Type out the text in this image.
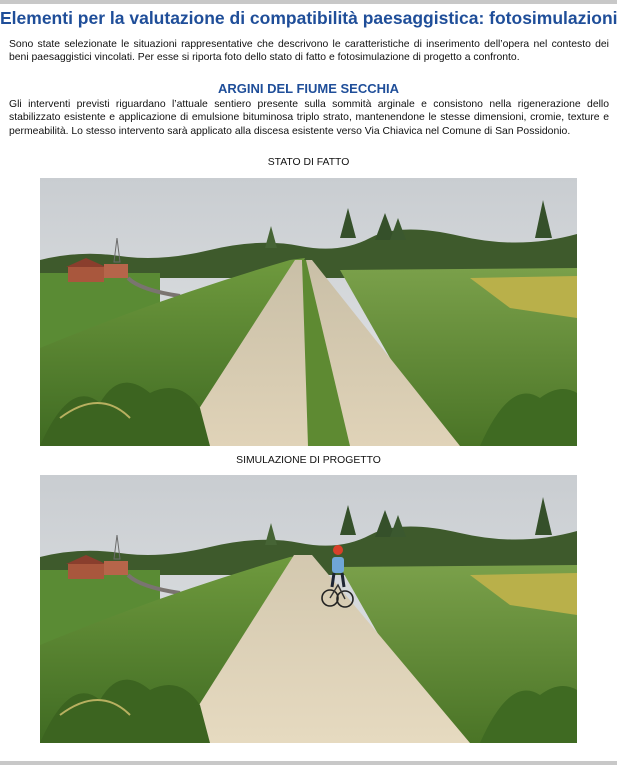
Elementi per la valutazione di compatibilità paesaggistica: fotosimulazioni
Sono state selezionate le situazioni rappresentative che descrivono le caratteristiche di inserimento dell’opera nel contesto dei beni paesaggistici vincolati. Per esse si riporta foto dello stato di fatto e fotosimulazione di progetto a confronto.
ARGINI DEL FIUME SECCHIA
Gli interventi previsti riguardano l’attuale sentiero presente sulla sommità arginale e consistono nella rigenerazione dello stabilizzato esistente e applicazione di emulsione bituminosa triplo strato, mantenendone le stesse dimensioni, cromie, texture e permeabilità. Lo stesso intervento sarà applicato alla discesa esistente verso Via Chiavica nel Comune di San Possidonio.
STATO DI FATTO
SIMULAZIONE DI PROGETTO
